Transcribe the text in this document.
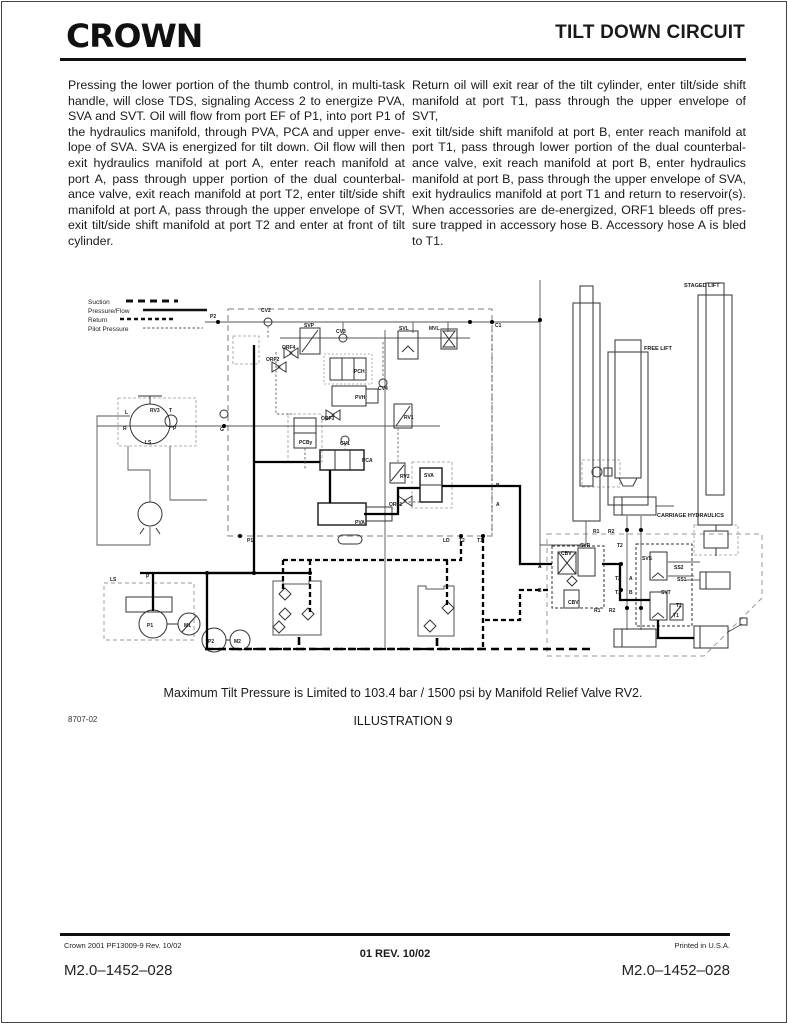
CROWN	TILT DOWN CIRCUIT
Pressing the lower portion of the thumb control, in multi-task
handle, will close TDS, signaling Access 2 to energize PVA,
SVA and SVT. Oil will flow from port EF of P1, into port P1 of
the hydraulics manifold, through PVA, PCA and upper enve-
lope of SVA. SVA is energized for tilt down. Oil flow will then
exit hydraulics manifold at port A, enter reach manifold at
port A, pass through upper portion of the dual counterbal-
ance valve, exit reach manifold at port T2, enter tilt/side shift
manifold at port A, pass through the upper envelope of SVT,
exit tilt/side shift manifold at port T2 and enter at front of tilt
cylinder.
Return oil will exit rear of the tilt cylinder, enter tilt/side shift
manifold at port T1, pass through the upper envelope of SVT,
exit tilt/side shift manifold at port B, enter reach manifold at
port T1, pass through lower portion of the dual counterbal-
ance valve, exit reach manifold at port B, enter hydraulics
manifold at port B, pass through the upper envelope of SVA,
exit hydraulics manifold at port T1 and return to reservoir(s).
When accessories are de-energized, ORF1 bleeds off pres-
sure trapped in accessory hose B. Accessory hose A is bled
to T1.
Suction
Pressure/Flow
Return
Pilot Pressure
P2
CV2
SVP
CV3	SVL	MVL	C1
ORF4
ORF2
PCH
CV4
PVH
ORF3	RV1
G
L	RV3 T
R	P
LS	PCBy	CV1
PCA
RV2	SVA
ORF1
PVA
B
A
P1	LD T2 T1
LS	P
P1	M1
P2	M2
STAGED LIFT
FREE LIFT
CARRIAGE HYDRAULICS
R1 R2
SVR	T2
CBV
SVS
A	SS2
T2 A	SS1
B	T1 B	SVT
CBV	T2
R1 R2
T1
Maximum Tilt Pressure is Limited to 103.4 bar / 1500 psi by Manifold Relief Valve RV2.
ILLUSTRATION 9
8707-02
Crown 2001 PF13009-9 Rev. 10/02
01 REV. 10/02
Printed in U.S.A.
M2.0–1452–028	M2.0–1452–028
